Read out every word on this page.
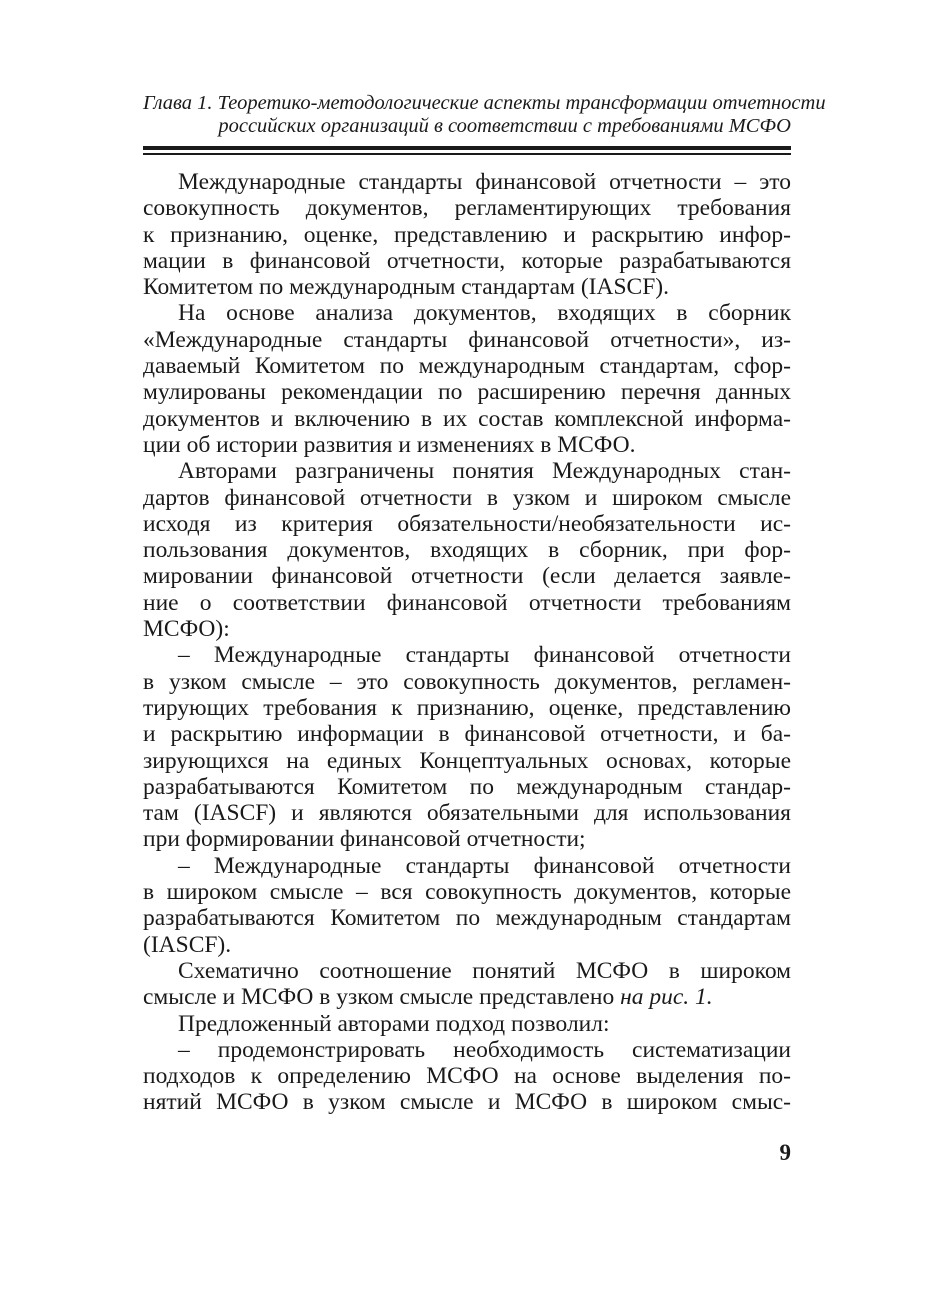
Глава 1. Теоретико-методологические аспекты трансформации отчетности
российских организаций в соответствии с требованиями МСФО
Международные стандарты финансовой отчетности – это
совокупность документов, регламентирующих требования
к признанию, оценке, представлению и раскрытию инфор-
мации в финансовой отчетности, которые разрабатываются
Комитетом по международным стандартам (IASCF).
На основе анализа документов, входящих в сборник
«Международные стандарты финансовой отчетности», из-
даваемый Комитетом по международным стандартам, сфор-
мулированы рекомендации по расширению перечня данных
документов и включению в их состав комплексной информа-
ции об истории развития и изменениях в МСФО.
Авторами разграничены понятия Международных стан-
дартов финансовой отчетности в узком и широком смысле
исходя из критерия обязательности/необязательности ис-
пользования документов, входящих в сборник, при фор-
мировании финансовой отчетности (если делается заявле-
ние о соответствии финансовой отчетности требованиям
МСФО):
– Международные стандарты финансовой отчетности
в узком смысле – это совокупность документов, регламен-
тирующих требования к признанию, оценке, представлению
и раскрытию информации в финансовой отчетности, и ба-
зирующихся на единых Концептуальных основах, которые
разрабатываются Комитетом по международным стандар-
там (IASCF) и являются обязательными для использования
при формировании финансовой отчетности;
– Международные стандарты финансовой отчетности
в широком смысле – вся совокупность документов, которые
разрабатываются Комитетом по международным стандартам
(IASCF).
Схематично соотношение понятий МСФО в широком
смысле и МСФО в узком смысле представлено на рис. 1.
Предложенный авторами подход позволил:
– продемонстрировать необходимость систематизации
подходов к определению МСФО на основе выделения по-
нятий МСФО в узком смысле и МСФО в широком смыс-
9
